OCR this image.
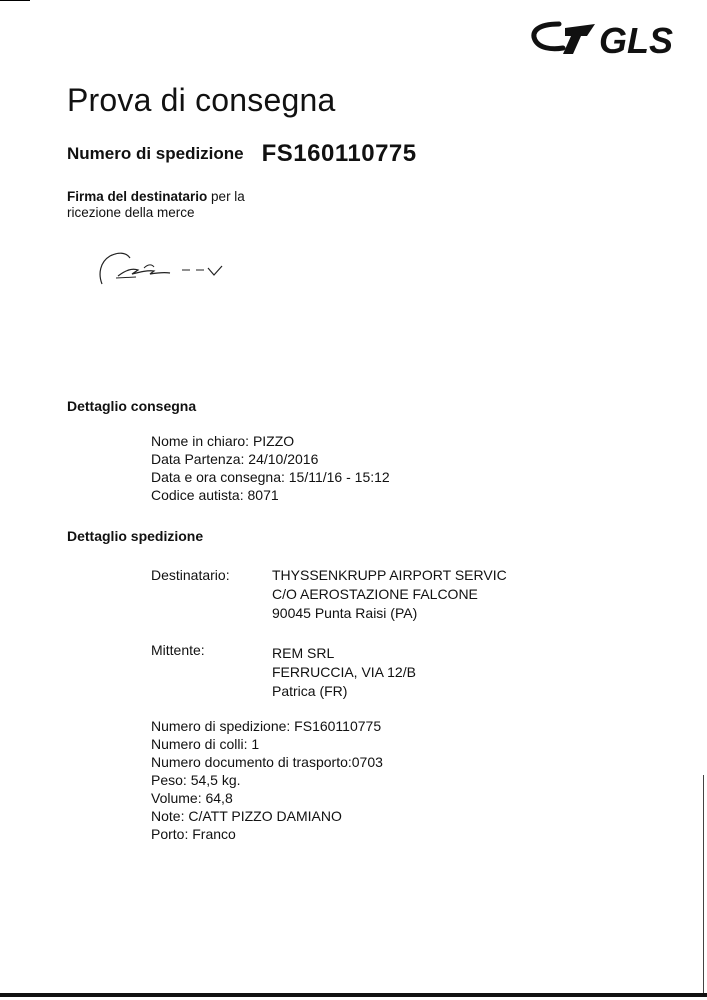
GLS
Prova di consegna
Numero di spedizione FS160110775
Firma del destinatario per la
ricezione della merce
Dettaglio consegna
Nome in chiaro: PIZZO
Data Partenza: 24/10/2016
Data e ora consegna: 15/11/16 - 15:12
Codice autista: 8071
Dettaglio spedizione
Destinatario:	THYSSENKRUPP AIRPORT SERVIC
C/O AEROSTAZIONE FALCONE
90045 Punta Raisi (PA)
Mittente:	REM SRL
FERRUCCIA, VIA 12/B
Patrica (FR)
Numero di spedizione: FS160110775
Numero di colli: 1
Numero documento di trasporto:0703
Peso: 54,5 kg.
Volume: 64,8
Note: C/ATT PIZZO DAMIANO
Porto: Franco
